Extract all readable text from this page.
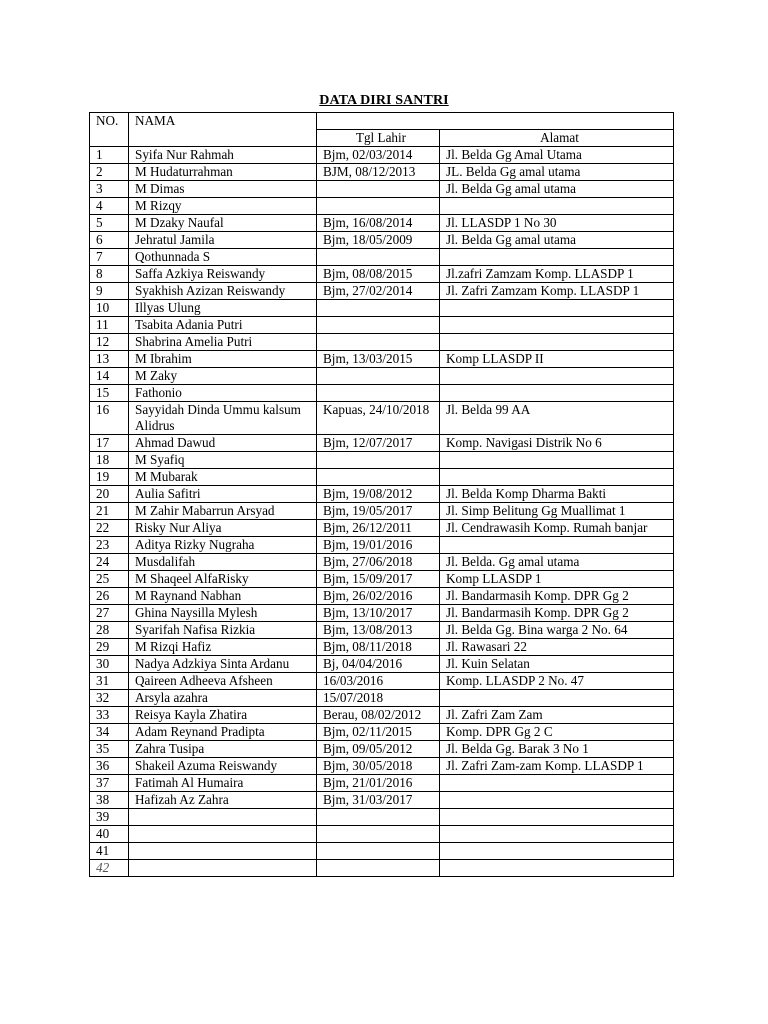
DATA DIRI SANTRI
NO.	NAMA		
		Tgl Lahir	Alamat
1	Syifa Nur Rahmah	Bjm, 02/03/2014	Jl. Belda Gg Amal Utama
2	M Hudaturrahman	BJM, 08/12/2013	JL. Belda Gg amal utama
3	M Dimas		Jl. Belda Gg amal utama
4	M Rizqy		
5	M Dzaky Naufal	Bjm, 16/08/2014	Jl. LLASDP 1 No 30
6	Jehratul Jamila	Bjm, 18/05/2009	Jl. Belda Gg amal utama
7	Qothunnada S		
8	Saffa Azkiya Reiswandy	Bjm, 08/08/2015	Jl.zafri Zamzam Komp. LLASDP 1
9	Syakhish Azizan Reiswandy	Bjm, 27/02/2014	Jl. Zafri Zamzam Komp. LLASDP 1
10	Illyas Ulung		
11	Tsabita Adania Putri		
12	Shabrina Amelia Putri		
13	M Ibrahim	Bjm, 13/03/2015	Komp LLASDP II
14	M Zaky		
15	Fathonio		
16	Sayyidah Dinda Ummu kalsum Alidrus	Kapuas, 24/10/2018	Jl. Belda 99 AA
17	Ahmad Dawud	Bjm, 12/07/2017	Komp. Navigasi Distrik No 6
18	M Syafiq		
19	M Mubarak		
20	Aulia Safitri	Bjm, 19/08/2012	Jl. Belda Komp Dharma Bakti
21	M Zahir Mabarrun Arsyad	Bjm, 19/05/2017	Jl. Simp Belitung Gg Muallimat 1
22	Risky Nur Aliya	Bjm, 26/12/2011	Jl. Cendrawasih Komp. Rumah banjar
23	Aditya Rizky Nugraha	Bjm, 19/01/2016	
24	Musdalifah	Bjm, 27/06/2018	Jl. Belda. Gg amal utama
25	M Shaqeel AlfaRisky	Bjm, 15/09/2017	Komp LLASDP 1
26	M Raynand Nabhan	Bjm, 26/02/2016	Jl. Bandarmasih Komp. DPR Gg 2
27	Ghina Naysilla Mylesh	Bjm, 13/10/2017	Jl. Bandarmasih Komp. DPR Gg 2
28	Syarifah Nafisa Rizkia	Bjm, 13/08/2013	Jl. Belda Gg. Bina warga 2 No. 64
29	M Rizqi Hafiz	Bjm, 08/11/2018	Jl. Rawasari 22
30	Nadya Adzkiya Sinta Ardanu	Bj, 04/04/2016	Jl. Kuin Selatan
31	Qaireen Adheeva Afsheen	16/03/2016	Komp. LLASDP 2 No. 47
32	Arsyla azahra	15/07/2018	
33	Reisya Kayla Zhatira	Berau, 08/02/2012	Jl. Zafri Zam Zam
34	Adam Reynand Pradipta	Bjm, 02/11/2015	Komp. DPR Gg 2 C
35	Zahra Tusipa	Bjm, 09/05/2012	Jl. Belda Gg. Barak 3 No 1
36	Shakeil Azuma Reiswandy	Bjm, 30/05/2018	Jl. Zafri Zam-zam Komp. LLASDP 1
37	Fatimah Al Humaira	Bjm, 21/01/2016	
38	Hafizah Az Zahra	Bjm, 31/03/2017	
39			
40			
41			
42			
